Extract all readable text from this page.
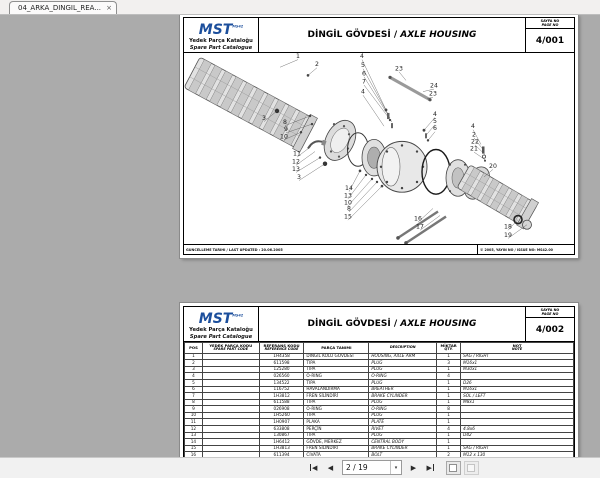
04_ARKA_DINGIL_REA... ×
$MST^{MS42}$
Yedek Parça Kataloğu
Spare Part Catalogue
DİNGİL GÖVDESİ / AXLE HOUSING
SAYFA NO
PAGE NO
4/001
1
2
3
8
9
10
11
12
13
3
14
13
10
8
15
4
5
6
7
4
23
24
23
4
5
6	4
2
22
21
20
16
17	18
19
GÜNCELLEME TARİHİ / LAST UPDATED : 20.06.2005	© 2005, YAYIN NO / ISSUE NO: MS42.00
$MST^{MS42}$
Yedek Parça Kataloğu
Spare Part Catalogue
DİNGİL GÖVDESİ / AXLE HOUSING
SAYFA NO
PAGE NO
4/002
POS	YEDEK PARÇA KODU
SPARE PART CODE	REFERANS KODU
REFERENCE CODE	PARÇA TANIMI	DESCRIPTION	MİKTAR
QTY.	NOT
NOTE

1		1H4358	DİNGİL KOLU GÖVDESİ	HOUSING, AXLE ARM	1	SAĞ / RIGHT
2		611598	TIPA	PLUG	3	M16x1
3		125280	TIPA	PLUG	1	M30x1
4		026560	O-RING	O-RING	4	
5		134522	TIPA	PLUG	1	D26
6		116752	HAVALANDIRMA	BREATHER	1	M16x1
7		1H3812	FREN SİLİNDİRİ	BRAKE CYLINDER	1	SOL / LEFT
8		611588	TIPA	PLUG	1	M8x1
9		026908	O-RING	O-RING	8	
10		1H5260	TIPA	PLUG	1	
11		1H0907	PLAKA	PLATE	1	
12		633808	PERÇİN	RIVET	4	4.8x6
13		130867	TIPA	PLUG	1	D42
14		1H6412	GÖVDE, MERKEZ	CENTRAL BODY	1	
15		1H3813	FREN SİLİNDİRİ	BRAKE CYLINDER	1	SAĞ / RIGHT
16		611394	CIVATA	BOLT	2	M12 x 130

◀ ◀	2 / 19	▾	▶ ▶
